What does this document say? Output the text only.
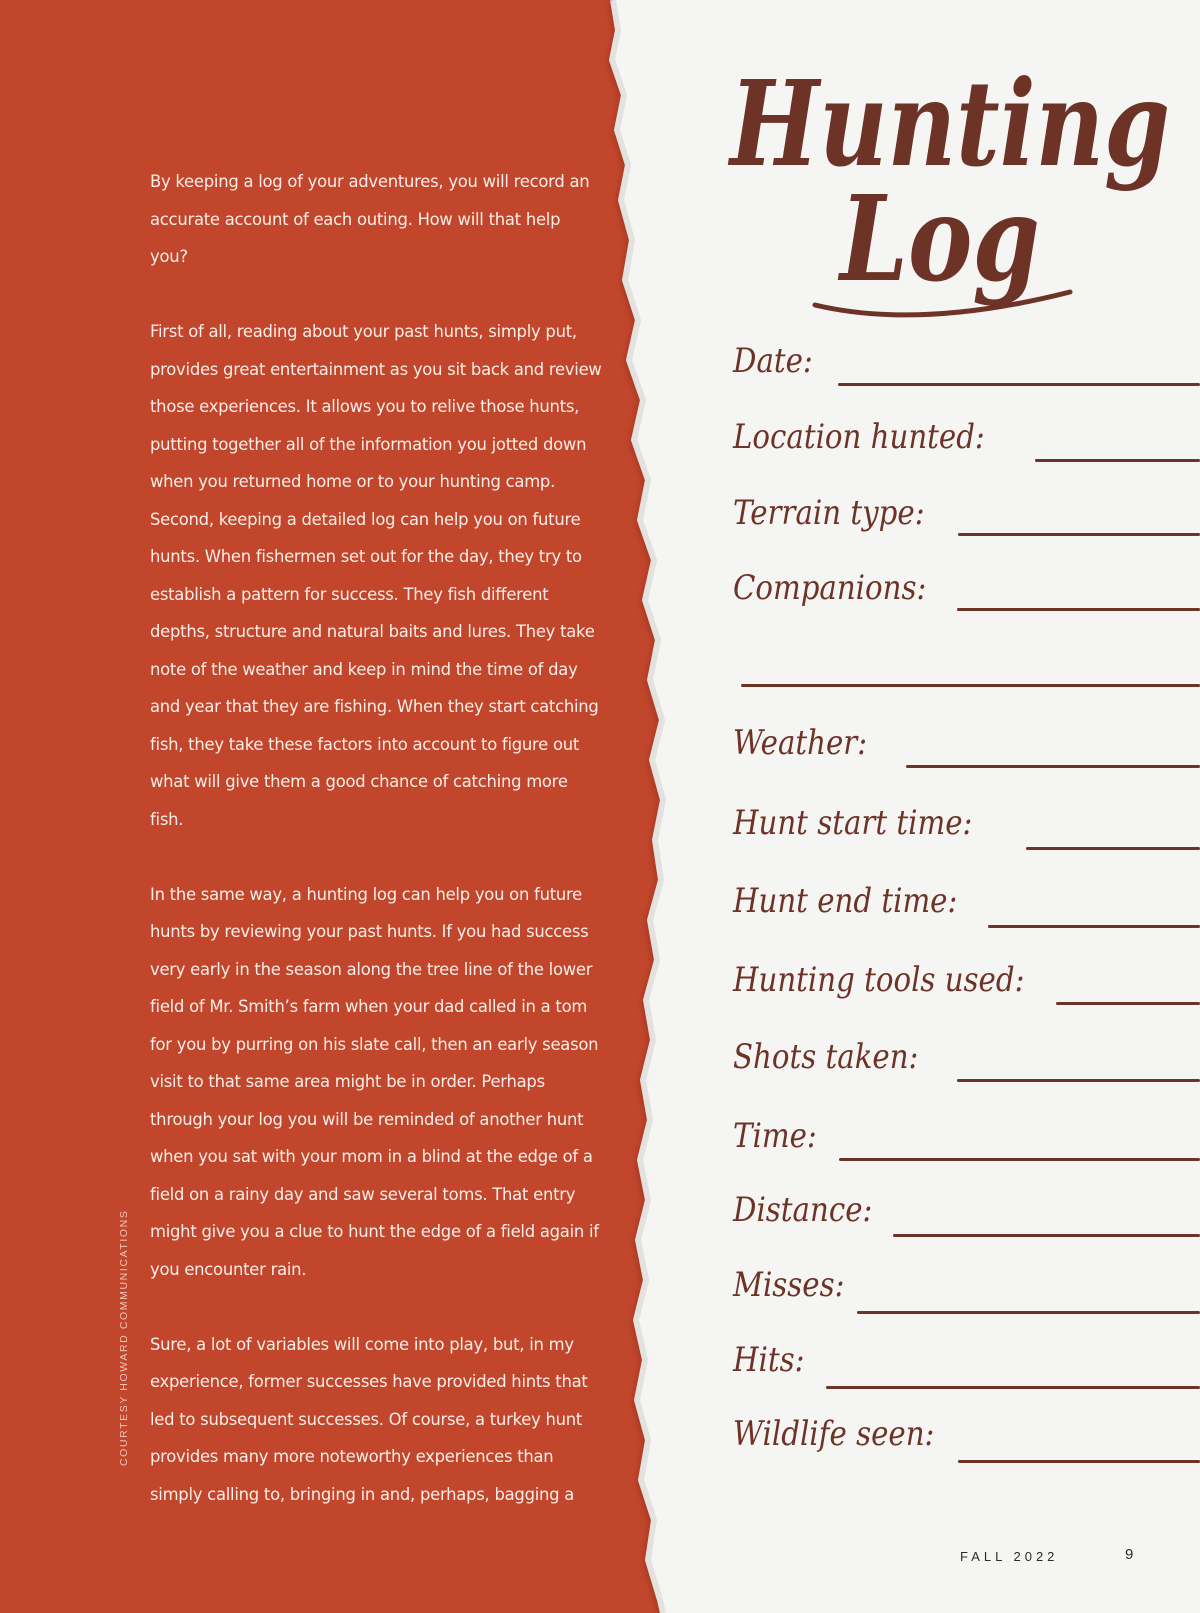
By keeping a log of your adventures, you will record an accurate account of each outing. How will that help you?

First of all, reading about your past hunts, simply put, provides great entertainment as you sit back and review those experiences. It allows you to relive those hunts, putting together all of the information you jotted down when you returned home or to your hunting camp. Second, keeping a detailed log can help you on future hunts. When fishermen set out for the day, they try to establish a pattern for success. They fish different depths, structure and natural baits and lures. They take note of the weather and keep in mind the time of day and year that they are fishing. When they start catching fish, they take these factors into account to figure out what will give them a good chance of catching more fish.

In the same way, a hunting log can help you on future hunts by reviewing your past hunts. If you had success very early in the season along the tree line of the lower field of Mr. Smith’s farm when your dad called in a tom for you by purring on his slate call, then an early season visit to that same area might be in order. Perhaps through your log you will be reminded of another hunt when you sat with your mom in a blind at the edge of a field on a rainy day and saw several toms. That entry might give you a clue to hunt the edge of a field again if you encounter rain.

Sure, a lot of variables will come into play, but, in my experience, former successes have provided hints that led to subsequent successes. Of course, a turkey hunt provides many more noteworthy experiences than simply calling to, bringing in and, perhaps, bagging a

COURTESY HOWARD COMMUNICATIONS
Hunting
Log
Date:
Location hunted:
Terrain type:
Companions:
Weather:
Hunt start time:
Hunt end time:
Hunting tools used:
Shots taken:
Time:
Distance:
Misses:
Hits:
Wildlife seen:
FALL 2022	9
